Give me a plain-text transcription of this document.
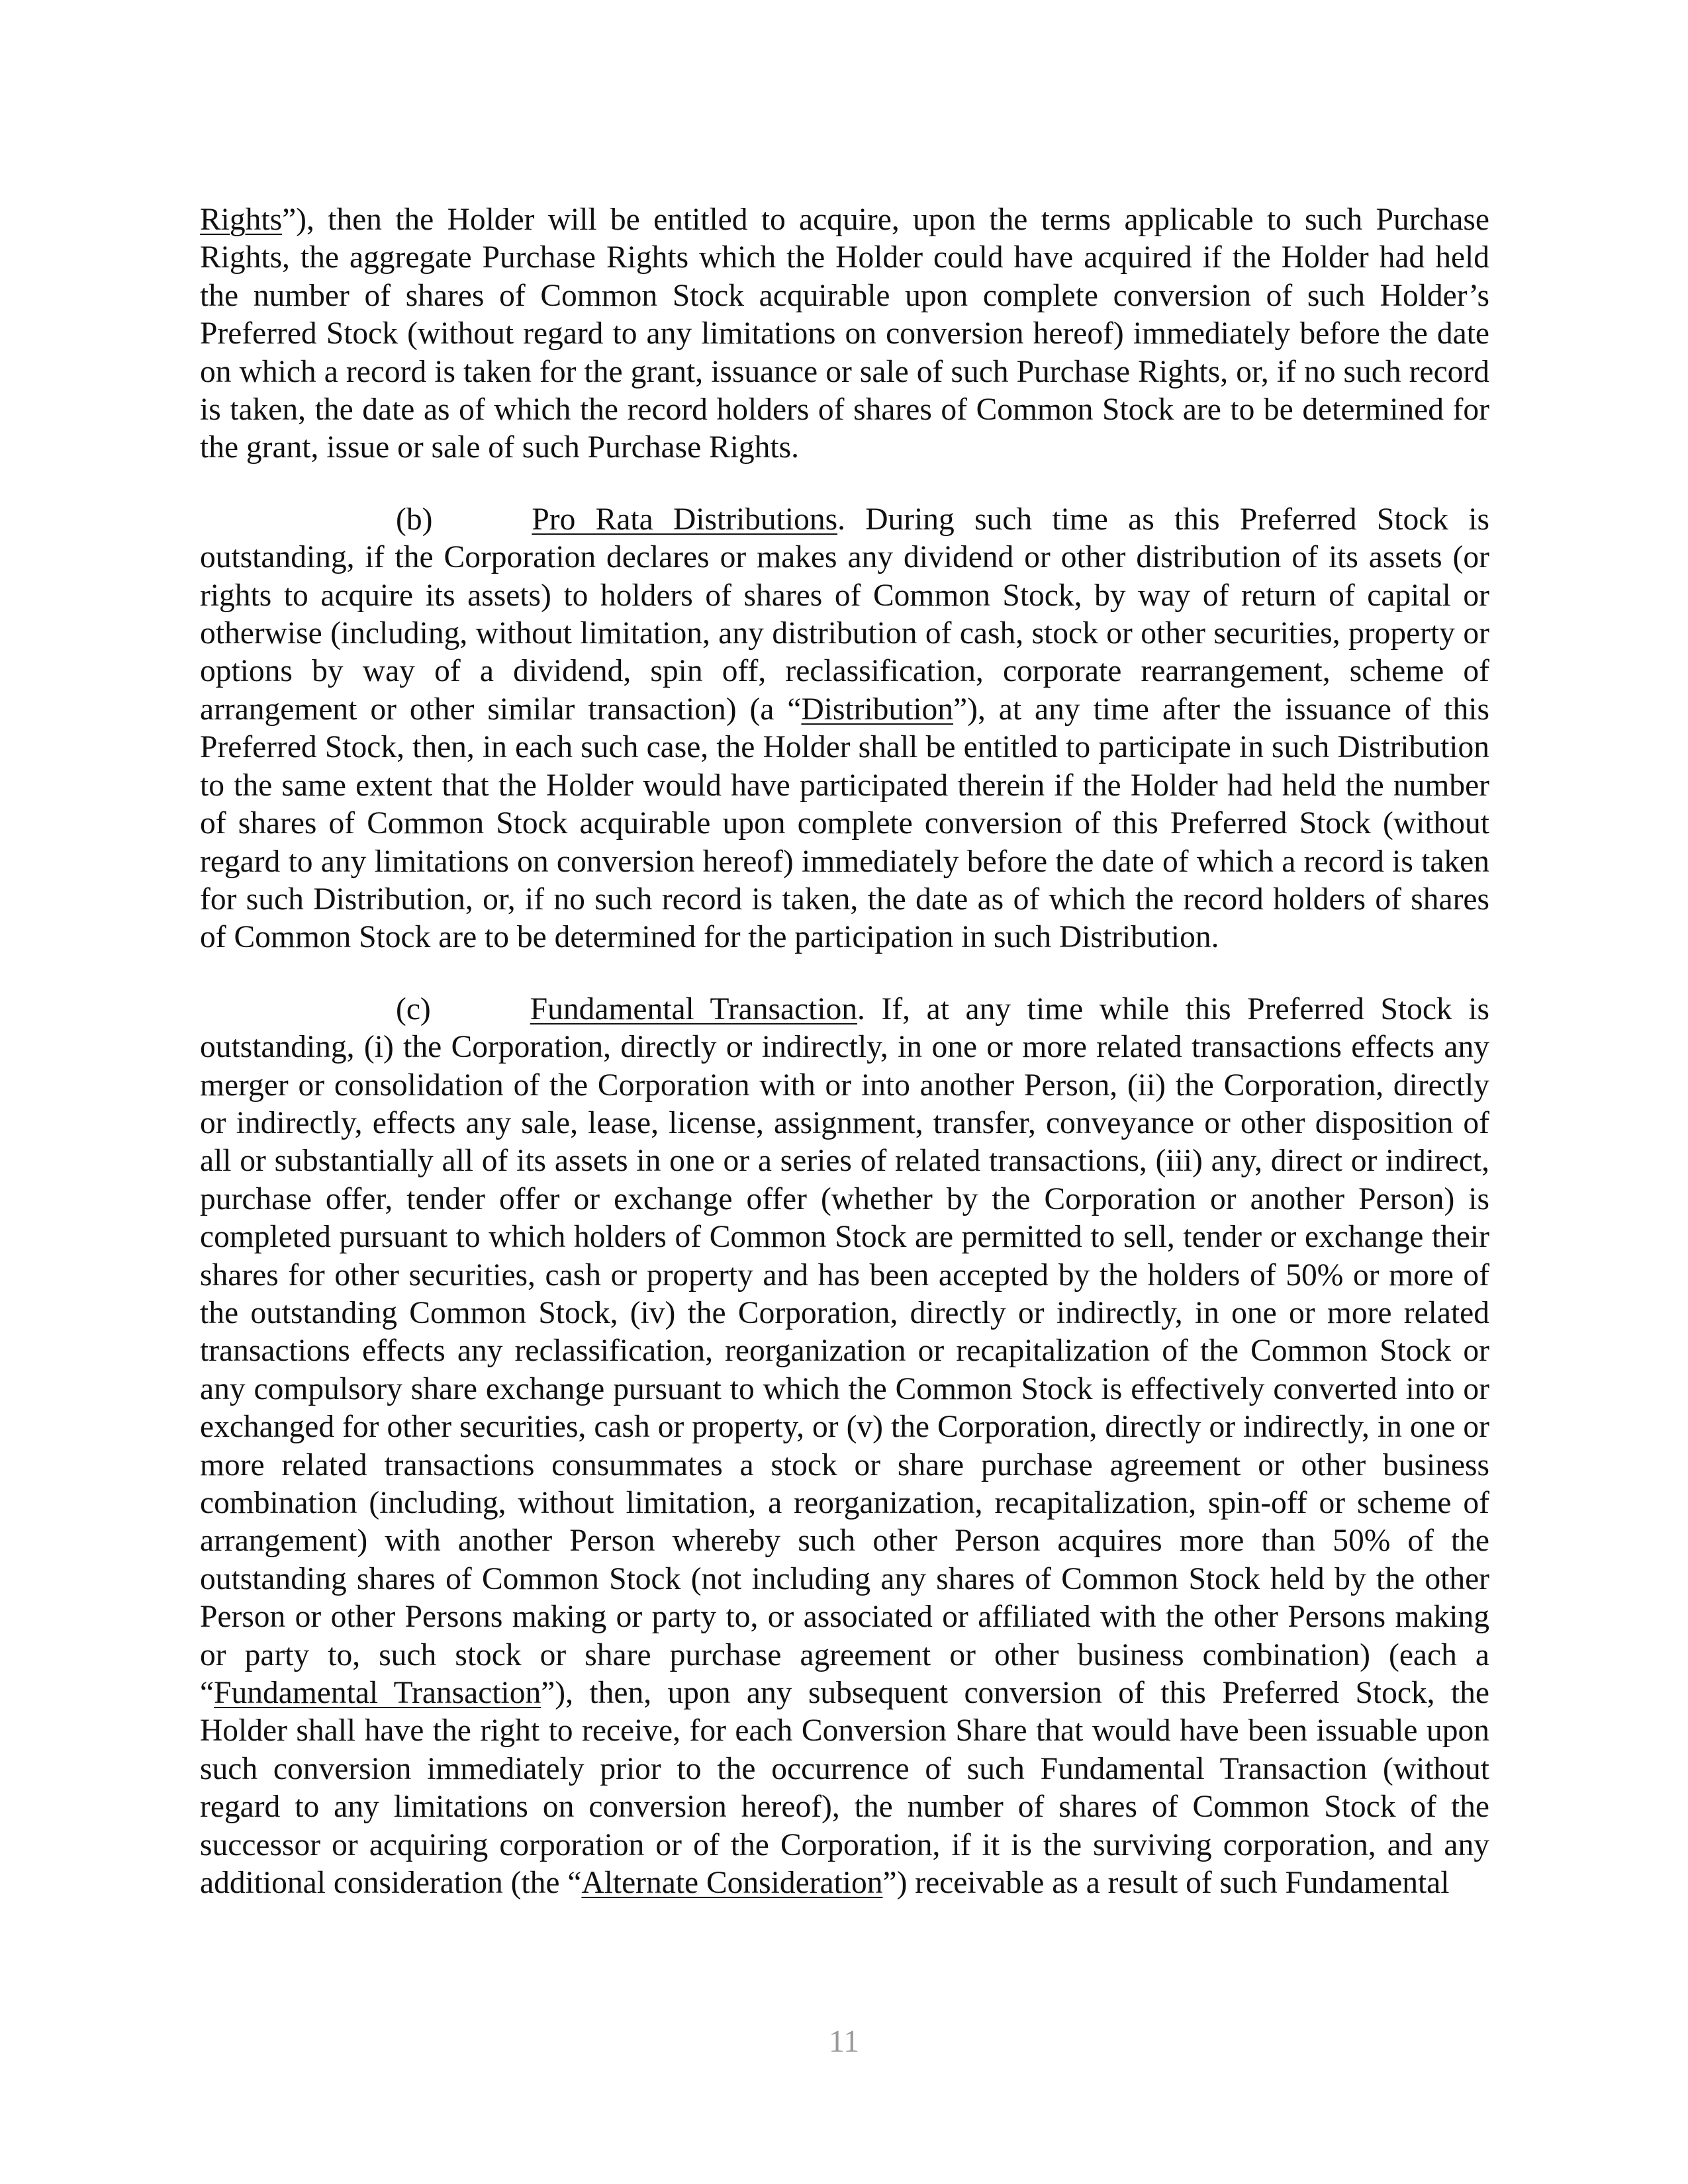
Rights”), then the Holder will be entitled to acquire, upon the terms applicable to such Purchase Rights, the aggregate Purchase Rights which the Holder could have acquired if the Holder had held the number of shares of Common Stock acquirable upon complete conversion of such Holder’s Preferred Stock (without regard to any limitations on conversion hereof) immediately before the date on which a record is taken for the grant, issuance or sale of such Purchase Rights, or, if no such record is taken, the date as of which the record holders of shares of Common Stock are to be determined for the grant, issue or sale of such Purchase Rights.

(b)	Pro Rata Distributions. During such time as this Preferred Stock is outstanding, if the Corporation declares or makes any dividend or other distribution of its assets (or rights to acquire its assets) to holders of shares of Common Stock, by way of return of capital or otherwise (including, without limitation, any distribution of cash, stock or other securities, property or options by way of a dividend, spin off, reclassification, corporate rearrangement, scheme of arrangement or other similar transaction) (a “Distribution”), at any time after the issuance of this Preferred Stock, then, in each such case, the Holder shall be entitled to participate in such Distribution to the same extent that the Holder would have participated therein if the Holder had held the number of shares of Common Stock acquirable upon complete conversion of this Preferred Stock (without regard to any limitations on conversion hereof) immediately before the date of which a record is taken for such Distribution, or, if no such record is taken, the date as of which the record holders of shares of Common Stock are to be determined for the participation in such Distribution.

(c)	Fundamental Transaction. If, at any time while this Preferred Stock is outstanding, (i) the Corporation, directly or indirectly, in one or more related transactions effects any merger or consolidation of the Corporation with or into another Person, (ii) the Corporation, directly or indirectly, effects any sale, lease, license, assignment, transfer, conveyance or other disposition of all or substantially all of its assets in one or a series of related transactions, (iii) any, direct or indirect, purchase offer, tender offer or exchange offer (whether by the Corporation or another Person) is completed pursuant to which holders of Common Stock are permitted to sell, tender or exchange their shares for other securities, cash or property and has been accepted by the holders of 50% or more of the outstanding Common Stock, (iv) the Corporation, directly or indirectly, in one or more related transactions effects any reclassification, reorganization or recapitalization of the Common Stock or any compulsory share exchange pursuant to which the Common Stock is effectively converted into or exchanged for other securities, cash or property, or (v) the Corporation, directly or indirectly, in one or more related transactions consummates a stock or share purchase agreement or other business combination (including, without limitation, a reorganization, recapitalization, spin-off or scheme of arrangement) with another Person whereby such other Person acquires more than 50% of the outstanding shares of Common Stock (not including any shares of Common Stock held by the other Person or other Persons making or party to, or associated or affiliated with the other Persons making or party to, such stock or share purchase agreement or other business combination) (each a “Fundamental Transaction”), then, upon any subsequent conversion of this Preferred Stock, the Holder shall have the right to receive, for each Conversion Share that would have been issuable upon such conversion immediately prior to the occurrence of such Fundamental Transaction (without regard to any limitations on conversion hereof), the number of shares of Common Stock of the successor or acquiring corporation or of the Corporation, if it is the surviving corporation, and any additional consideration (the “Alternate Consideration”) receivable as a result of such Fundamental

11
